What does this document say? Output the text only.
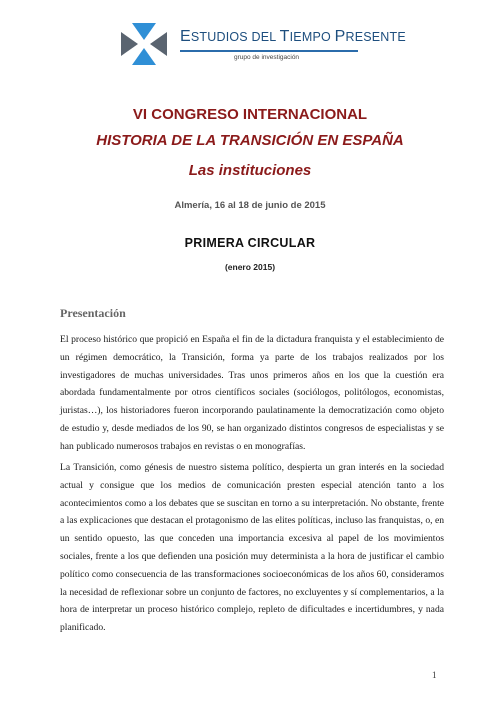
ESTUDIOS DEL TIEMPO PRESENTE
grupo de investigación
VI CONGRESO INTERNACIONAL
HISTORIA DE LA TRANSICIÓN EN ESPAÑA
Las instituciones
Almería, 16 al 18 de junio de 2015
PRIMERA CIRCULAR
(enero 2015)
Presentación

El proceso histórico que propició en España el fin de la dictadura franquista y el establecimiento de un régimen democrático, la Transición, forma ya parte de los trabajos realizados por los investigadores de muchas universidades. Tras unos primeros años en los que la cuestión era abordada fundamentalmente por otros científicos sociales (sociólogos, politólogos, economistas, juristas…), los historiadores fueron incorporando paulatinamente la democratización como objeto de estudio y, desde mediados de los 90, se han organizado distintos congresos de especialistas y se han publicado numerosos trabajos en revistas o en monografías.

La Transición, como génesis de nuestro sistema político, despierta un gran interés en la sociedad actual y consigue que los medios de comunicación presten especial atención tanto a los acontecimientos como a los debates que se suscitan en torno a su interpretación. No obstante, frente a las explicaciones que destacan el protagonismo de las elites políticas, incluso las franquistas, o, en un sentido opuesto, las que conceden una importancia excesiva al papel de los movimientos sociales, frente a los que defienden una posición muy determinista a la hora de justificar el cambio político como consecuencia de las transformaciones socioeconómicas de los años 60, consideramos la necesidad de reflexionar sobre un conjunto de factores, no excluyentes y sí complementarios, a la hora de interpretar un proceso histórico complejo, repleto de dificultades e incertidumbres, y nada planificado.

1
